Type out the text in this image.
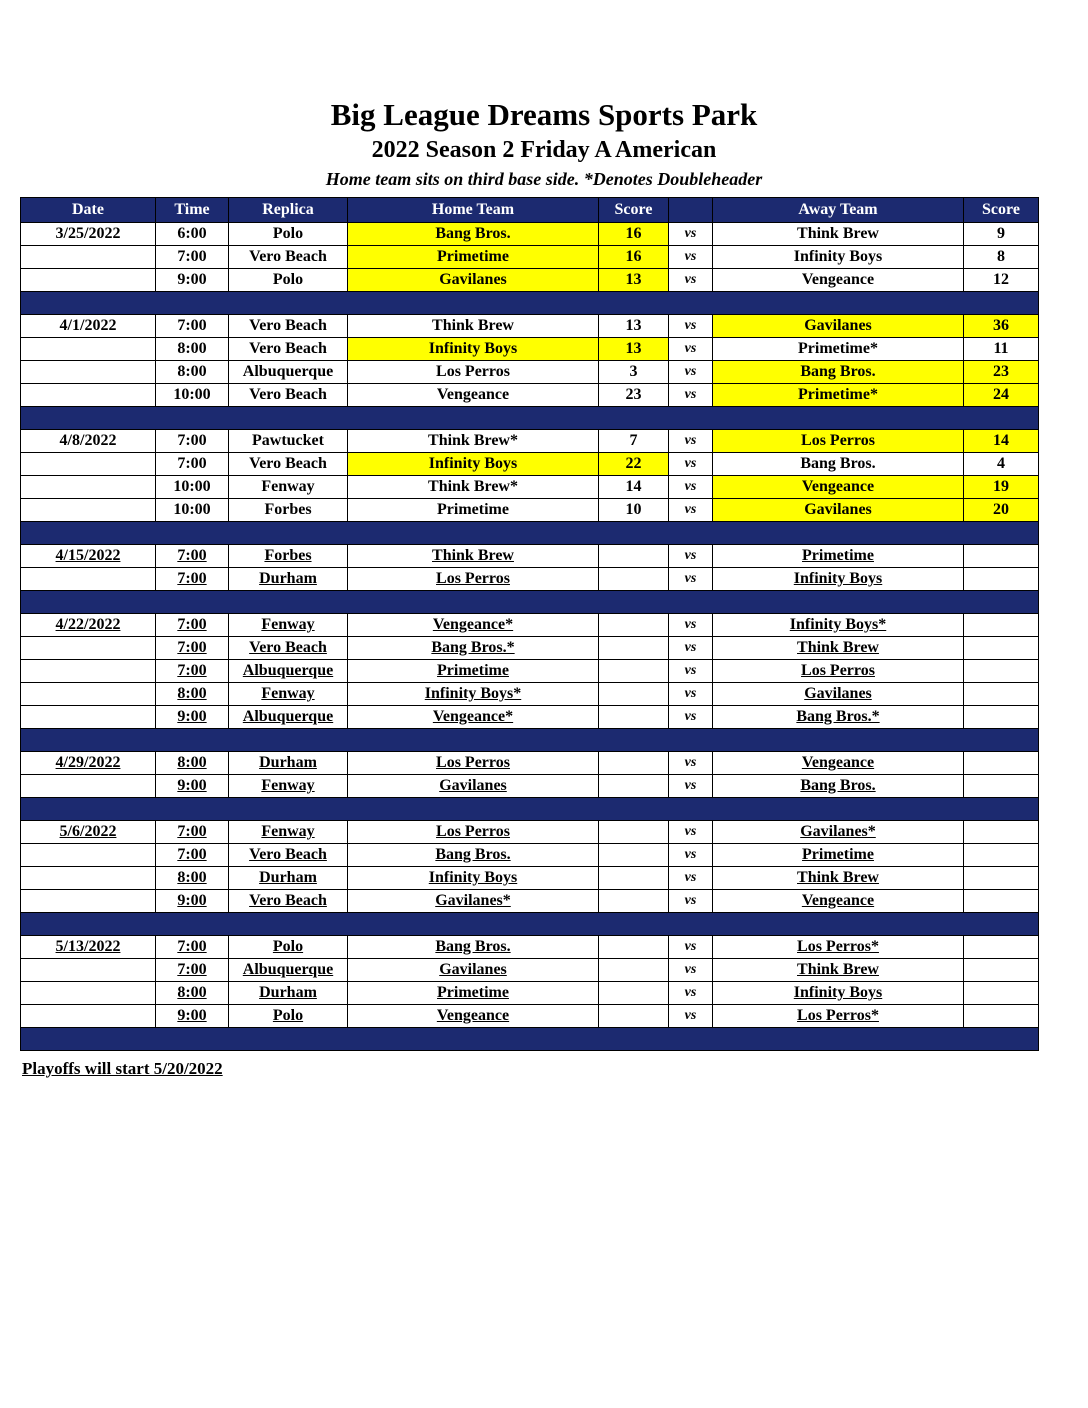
Big League Dreams Sports Park
2022 Season 2 Friday A American
Home team sits on third base side. *Denotes Doubleheader
Date	Time	Replica	Home Team	Score		Away Team	Score
3/25/2022	6:00	Polo	Bang Bros.	16	vs	Think Brew	9
	7:00	Vero Beach	Primetime	16	vs	Infinity Boys	8
	9:00	Polo	Gavilanes	13	vs	Vengeance	12

4/1/2022	7:00	Vero Beach	Think Brew	13	vs	Gavilanes	36
	8:00	Vero Beach	Infinity Boys	13	vs	Primetime*	11
	8:00	Albuquerque	Los Perros	3	vs	Bang Bros.	23
	10:00	Vero Beach	Vengeance	23	vs	Primetime*	24

4/8/2022	7:00	Pawtucket	Think Brew*	7	vs	Los Perros	14
	7:00	Vero Beach	Infinity Boys	22	vs	Bang Bros.	4
	10:00	Fenway	Think Brew*	14	vs	Vengeance	19
	10:00	Forbes	Primetime	10	vs	Gavilanes	20

4/15/2022	7:00	Forbes	Think Brew		vs	Primetime	
	7:00	Durham	Los Perros		vs	Infinity Boys	

4/22/2022	7:00	Fenway	Vengeance*		vs	Infinity Boys*	
	7:00	Vero Beach	Bang Bros.*		vs	Think Brew	
	7:00	Albuquerque	Primetime		vs	Los Perros	
	8:00	Fenway	Infinity Boys*		vs	Gavilanes	
	9:00	Albuquerque	Vengeance*		vs	Bang Bros.*	

4/29/2022	8:00	Durham	Los Perros		vs	Vengeance	
	9:00	Fenway	Gavilanes		vs	Bang Bros.	

5/6/2022	7:00	Fenway	Los Perros		vs	Gavilanes*	
	7:00	Vero Beach	Bang Bros.		vs	Primetime	
	8:00	Durham	Infinity Boys		vs	Think Brew	
	9:00	Vero Beach	Gavilanes*		vs	Vengeance	

5/13/2022	7:00	Polo	Bang Bros.		vs	Los Perros*	
	7:00	Albuquerque	Gavilanes		vs	Think Brew	
	8:00	Durham	Primetime		vs	Infinity Boys	
	9:00	Polo	Vengeance		vs	Los Perros*	

Playoffs will start 5/20/2022
